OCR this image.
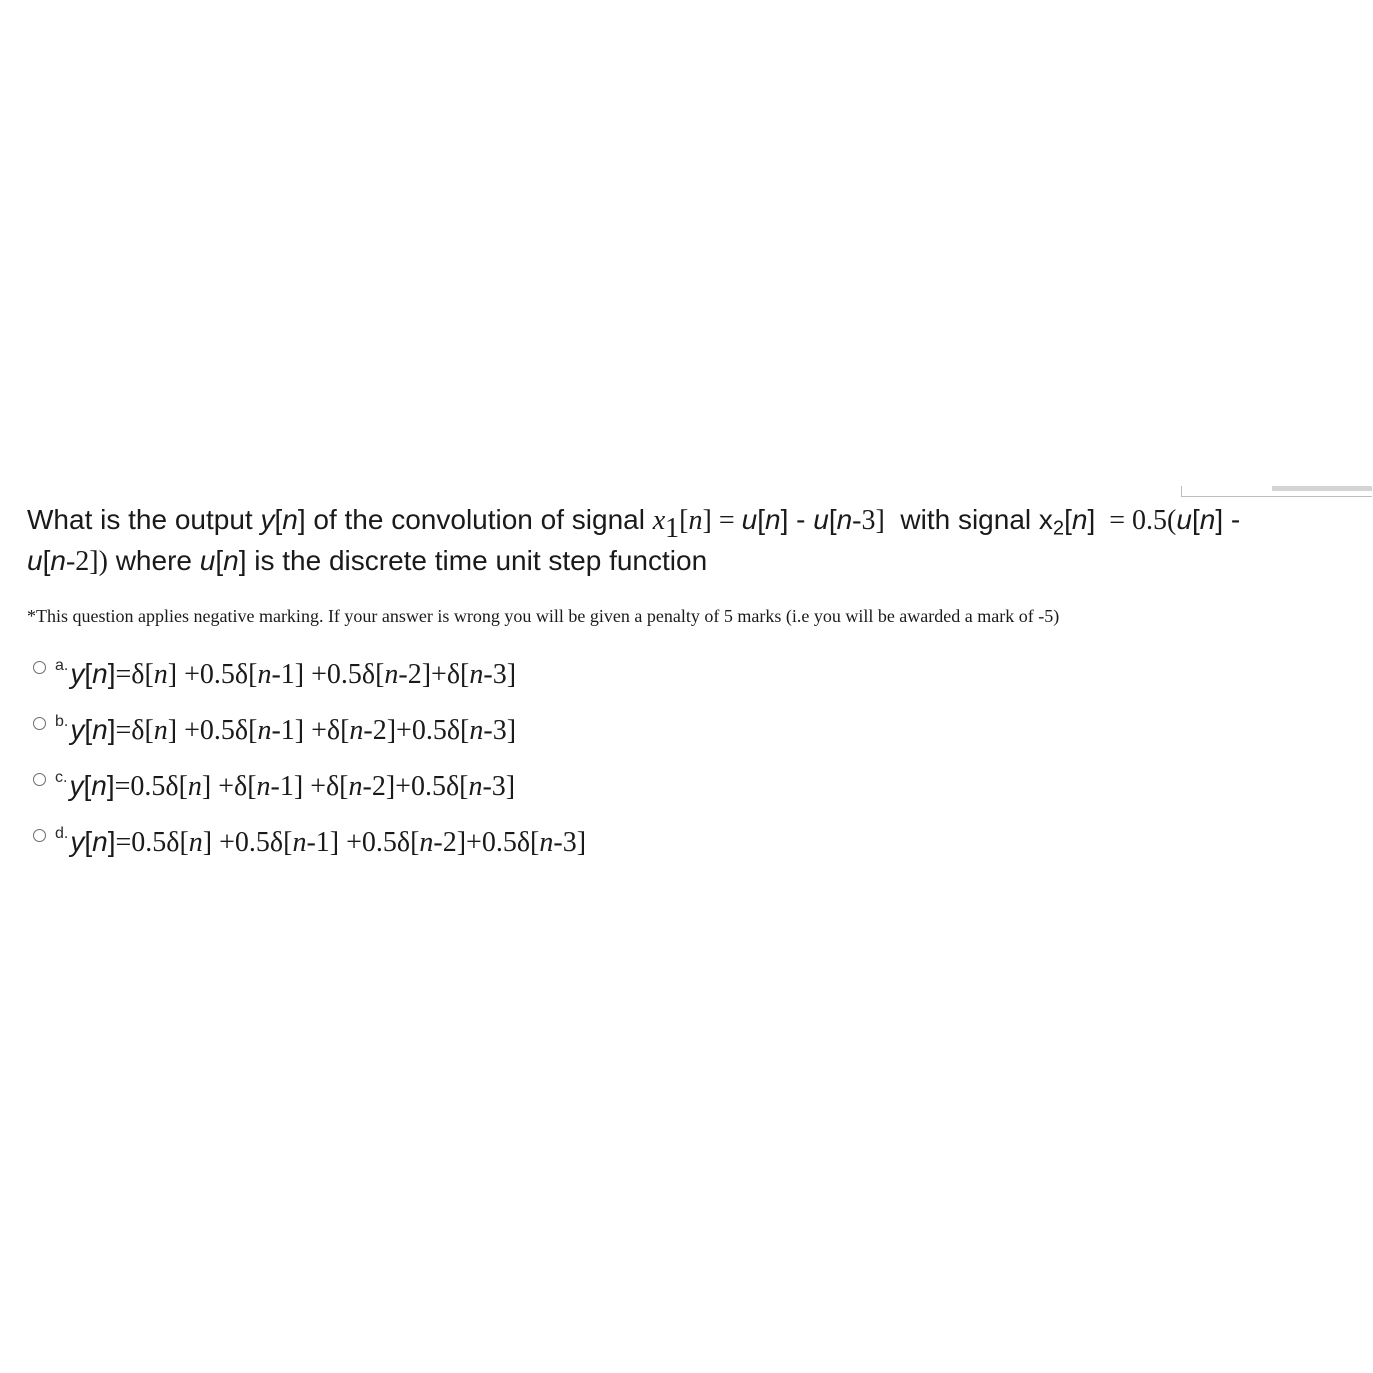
What is the output y[n] of the convolution of signal $x_1[n] = u[n] - u[n-3]$  with signal $x_2[n] = 0.5(u[n]$ -
u[n-2]) where u[n] is the discrete time unit step function
*This question applies negative marking. If your answer is wrong you will be given a penalty of 5 marks (i.e you will be awarded a mark of -5)
a. y[n]=δ[n] +0.5δ[n-1] +0.5δ[n-2]+δ[n-3]
b. y[n]=δ[n] +0.5δ[n-1] +δ[n-2]+0.5δ[n-3]
c. y[n]=0.5δ[n] +δ[n-1] +δ[n-2]+0.5δ[n-3]
d. y[n]=0.5δ[n] +0.5δ[n-1] +0.5δ[n-2]+0.5δ[n-3]
